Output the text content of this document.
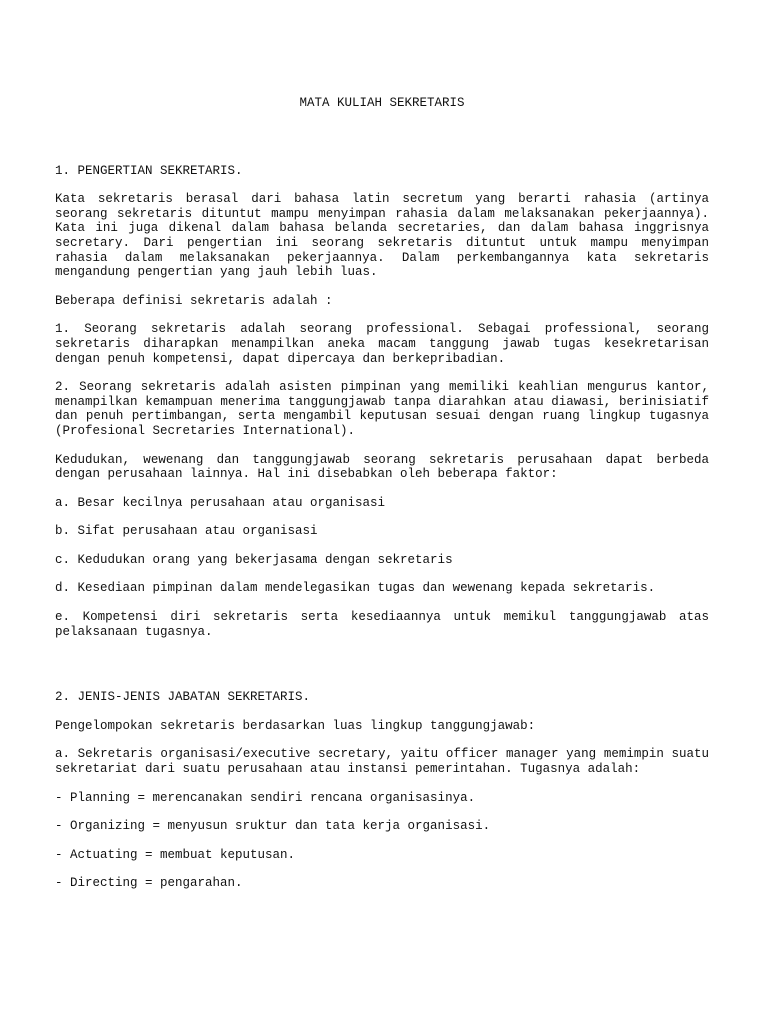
MATA KULIAH SEKRETARIS
1. PENGERTIAN SEKRETARIS.
Kata sekretaris berasal dari bahasa latin secretum yang berarti rahasia (artinya seorang sekretaris dituntut mampu menyimpan rahasia dalam melaksanakan pekerjaannya). Kata ini juga dikenal dalam bahasa belanda secretaries, dan dalam bahasa inggrisnya secretary. Dari pengertian ini seorang sekretaris dituntut untuk mampu menyimpan rahasia dalam melaksanakan pekerjaannya. Dalam perkembangannya kata sekretaris mengandung pengertian yang jauh lebih luas.
Beberapa definisi sekretaris adalah :
1. Seorang sekretaris adalah seorang professional. Sebagai professional, seorang sekretaris diharapkan menampilkan aneka macam tanggung jawab tugas kesekretarisan dengan penuh kompetensi, dapat dipercaya dan berkepribadian.
2. Seorang sekretaris adalah asisten pimpinan yang memiliki keahlian mengurus kantor, menampilkan kemampuan menerima tanggungjawab tanpa diarahkan atau diawasi, berinisiatif dan penuh pertimbangan, serta mengambil keputusan sesuai dengan ruang lingkup tugasnya (Profesional Secretaries International).
Kedudukan, wewenang dan tanggungjawab seorang sekretaris perusahaan dapat berbeda dengan perusahaan lainnya. Hal ini disebabkan oleh beberapa faktor:
a. Besar kecilnya perusahaan atau organisasi
b. Sifat perusahaan atau organisasi
c. Kedudukan orang yang bekerjasama dengan sekretaris
d. Kesediaan pimpinan dalam mendelegasikan tugas dan wewenang kepada sekretaris.
e. Kompetensi diri sekretaris serta kesediaannya untuk memikul tanggungjawab atas pelaksanaan tugasnya.
2. JENIS-JENIS JABATAN SEKRETARIS.
Pengelompokan sekretaris berdasarkan luas lingkup tanggungjawab:
a. Sekretaris organisasi/executive secretary, yaitu officer manager yang memimpin suatu sekretariat dari suatu perusahaan atau instansi pemerintahan. Tugasnya adalah:
- Planning = merencanakan sendiri rencana organisasinya.
- Organizing = menyusun sruktur dan tata kerja organisasi.
- Actuating = membuat keputusan.
- Directing = pengarahan.
